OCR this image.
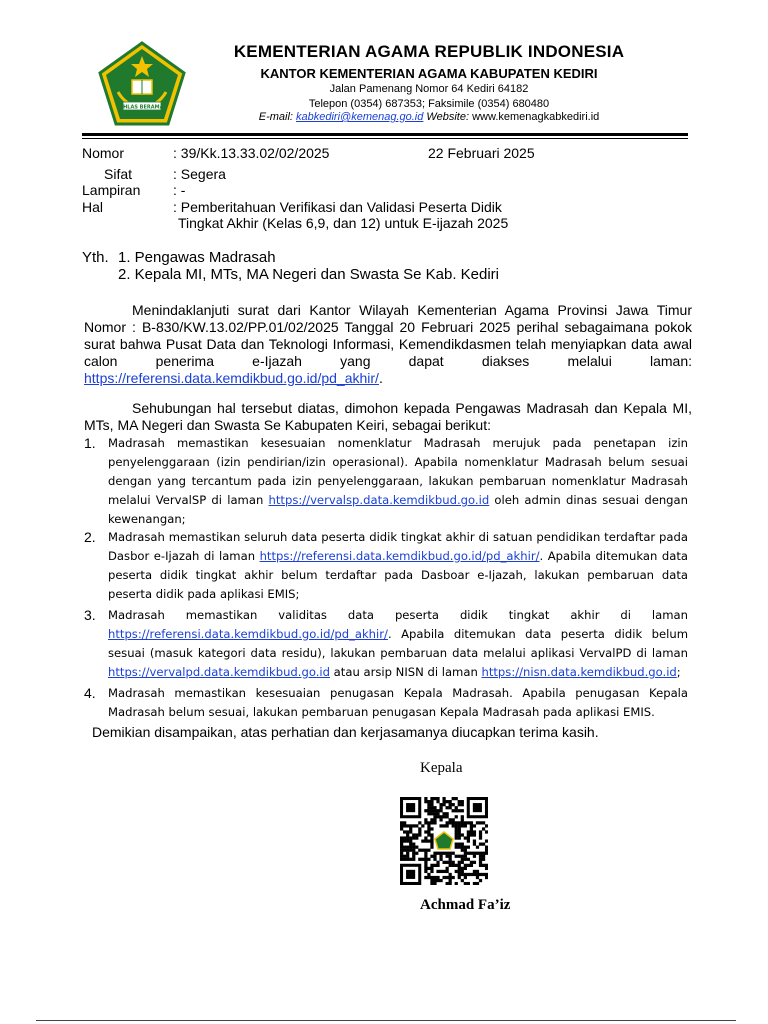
IKHLAS BERAMAL
KEMENTERIAN AGAMA REPUBLIK INDONESIA
KANTOR KEMENTERIAN AGAMA KABUPATEN KEDIRI
Jalan Pamenang Nomor 64 Kediri 64182
Telepon (0354) 687353; Faksimile (0354) 680480
E-mail: kabkediri@kemenag.go.id Website: www.kemenagkabkediri.id
Nomor	: 39/Kk.13.33.02/02/2025	22 Februari 2025
Sifat	: Segera
Lampiran : -
Hal	: Pemberitahuan Verifikasi dan Validasi Peserta Didik
Tingkat Akhir (Kelas 6,9, dan 12) untuk E-ijazah 2025
Yth. 1. Pengawas Madrasah
2. Kepala MI, MTs, MA Negeri dan Swasta Se Kab. Kediri
Menindaklanjuti surat dari Kantor Wilayah Kementerian Agama Provinsi Jawa Timur Nomor : B-830/KW.13.02/PP.01/02/2025 Tanggal 20 Februari 2025 perihal sebagaimana pokok surat bahwa Pusat Data dan Teknologi Informasi, Kemendikdasmen telah menyiapkan data awal calon penerima e-Ijazah yang dapat diakses melalui laman: https://referensi.data.kemdikbud.go.id/pd_akhir/.
Sehubungan hal tersebut diatas, dimohon kepada Pengawas Madrasah dan Kepala MI, MTs, MA Negeri dan Swasta Se Kabupaten Keiri, sebagai berikut:
1. Madrasah memastikan kesesuaian nomenklatur Madrasah merujuk pada penetapan izin penyelenggaraan (izin pendirian/izin operasional). Apabila nomenklatur Madrasah belum sesuai dengan yang tercantum pada izin penyelenggaraan, lakukan pembaruan nomenklatur Madrasah melalui VervalSP di laman https://vervalsp.data.kemdikbud.go.id oleh admin dinas sesuai dengan kewenangan;
2. Madrasah memastikan seluruh data peserta didik tingkat akhir di satuan pendidikan terdaftar pada Dasbor e-Ijazah di laman https://referensi.data.kemdikbud.go.id/pd_akhir/. Apabila ditemukan data peserta didik tingkat akhir belum terdaftar pada Dasboar e-Ijazah, lakukan pembaruan data peserta didik pada aplikasi EMIS;
3. Madrasah memastikan validitas data peserta didik tingkat akhir di laman https://referensi.data.kemdikbud.go.id/pd_akhir/. Apabila ditemukan data peserta didik belum sesuai (masuk kategori data residu), lakukan pembaruan data melalui aplikasi VervalPD di laman https://vervalpd.data.kemdikbud.go.id atau arsip NISN di laman https://nisn.data.kemdikbud.go.id;
4. Madrasah memastikan kesesuaian penugasan Kepala Madrasah. Apabila penugasan Kepala Madrasah belum sesuai, lakukan pembaruan penugasan Kepala Madrasah pada aplikasi EMIS.
Demikian disampaikan, atas perhatian dan kerjasamanya diucapkan terima kasih.
Kepala
Achmad Fa’iz
